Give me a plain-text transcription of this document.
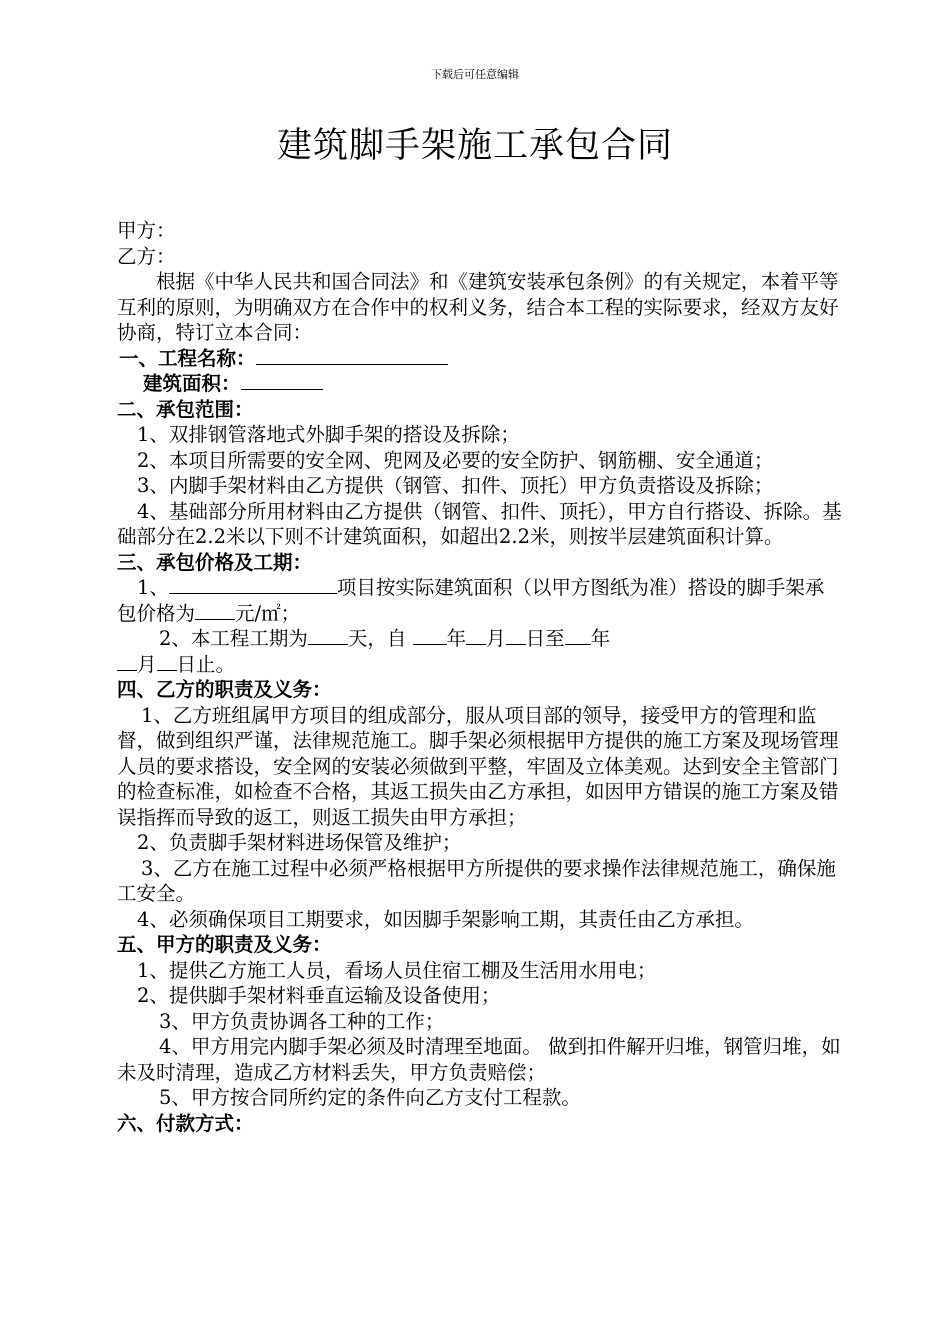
下载后可任意编辑
建筑脚手架施工承包合同

甲方：

乙方：

根据《中华人民共和国合同法》和《建筑安装承包条例》的有关规定，本着平等互利的原则，为明确双方在合作中的权利义务，结合本工程的实际要求，经双方友好协商，特订立本合同：

一、工程名称：

建筑面积：

二、承包范围：

1、双排钢管落地式外脚手架的搭设及拆除；

2、本项目所需要的安全网、兜网及必要的安全防护、钢筋棚、安全通道；

3、内脚手架材料由乙方提供（钢管、扣件、顶托）甲方负责搭设及拆除；

4、基础部分所用材料由乙方提供（钢管、扣件、顶托），甲方自行搭设、拆除。基础部分在2.2米以下则不计建筑面积，如超出2.2米，则按半层建筑面积计算。

三、承包价格及工期：

1、	项目按实际建筑面积（以甲方图纸为准）搭设的脚手架承包价格为 元/㎡；

2、本工程工期为 天，自 年 月 日至 年

月 日止。

四、乙方的职责及义务：

1、乙方班组属甲方项目的组成部分，服从项目部的领导，接受甲方的管理和监督，做到组织严谨，法律规范施工。脚手架必须根据甲方提供的施工方案及现场管理人员的要求搭设，安全网的安装必须做到平整，牢固及立体美观。达到安全主管部门的检查标准，如检查不合格，其返工损失由乙方承担，如因甲方错误的施工方案及错误指挥而导致的返工，则返工损失由甲方承担；

2、负责脚手架材料进场保管及维护；

3、乙方在施工过程中必须严格根据甲方所提供的要求操作法律规范施工，确保施工安全。

4、必须确保项目工期要求，如因脚手架影响工期，其责任由乙方承担。

五、甲方的职责及义务：

1、提供乙方施工人员，看场人员住宿工棚及生活用水用电；

2、提供脚手架材料垂直运输及设备使用；

3、甲方负责协调各工种的工作；

4、甲方用完内脚手架必须及时清理至地面。 做到扣件解开归堆，钢管归堆，如未及时清理，造成乙方材料丢失，甲方负责赔偿；

5、甲方按合同所约定的条件向乙方支付工程款。

六、付款方式：
